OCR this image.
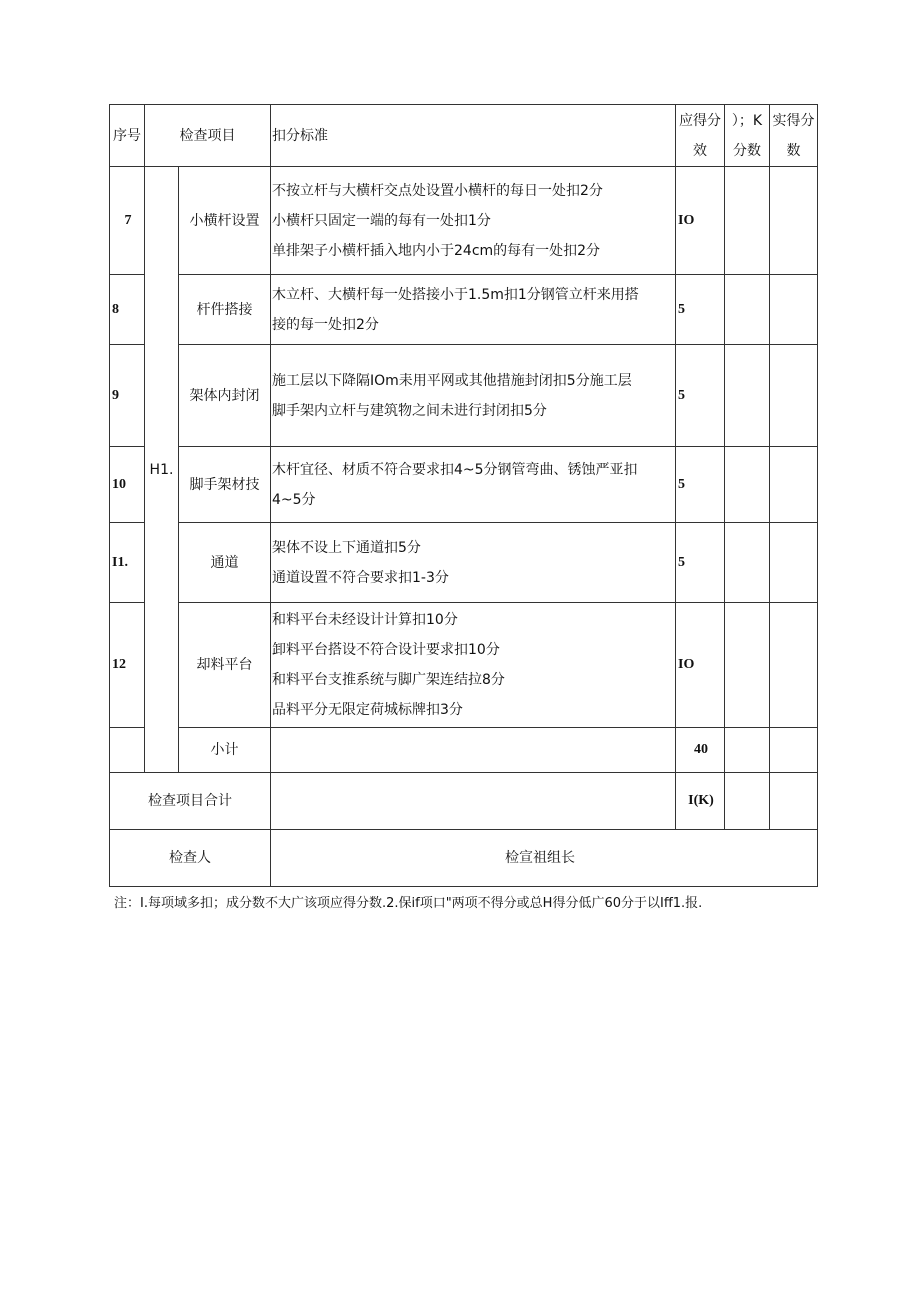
序号	检查项目		扣分标准	应得分效	）；K分数	实得分数
7	H1.	小横杆设置	不按立杆与大横杆交点处设置小横杆的每日一处扣2分
小横杆只固定一端的每有一处扣1分
单排架子小横杆插入地内小于24cm的每有一处扣2分	IO		
8		杆件搭接	木立杆、大横杆每一处搭接小于1.5m扣1分钢管立杆来用搭
接的每一处扣2分	5		
9		架体内封闭	施工层以下降隔IOm耒用平网或其他措施封闭扣5分施工层
脚手架内立杆与建筑物之间未进行封闭扣5分	5		
10		脚手架材技	木杆宜径、材质不符合要求扣4~5分钢管弯曲、锈蚀严亚扣
4~5分	5		
I1.		通道	架体不设上下通道扣5分
通道设置不符合要求扣1-3分	5		
12		却料平台	和料平台未经设计计算扣10分
卸料平台搭设不符合设计要求扣10分
和料平台支推系统与脚广架连结拉8分
品料平分无限定荷城标牌扣3分	IO		
		小计		40		
检查项目合计				I(K)		
检查人			检宣祖组长			
注：I.每项域多扣；成分数不大广该项应得分数.2.保if项口"两项不得分或总H得分低广60分于以Iff1.报.
